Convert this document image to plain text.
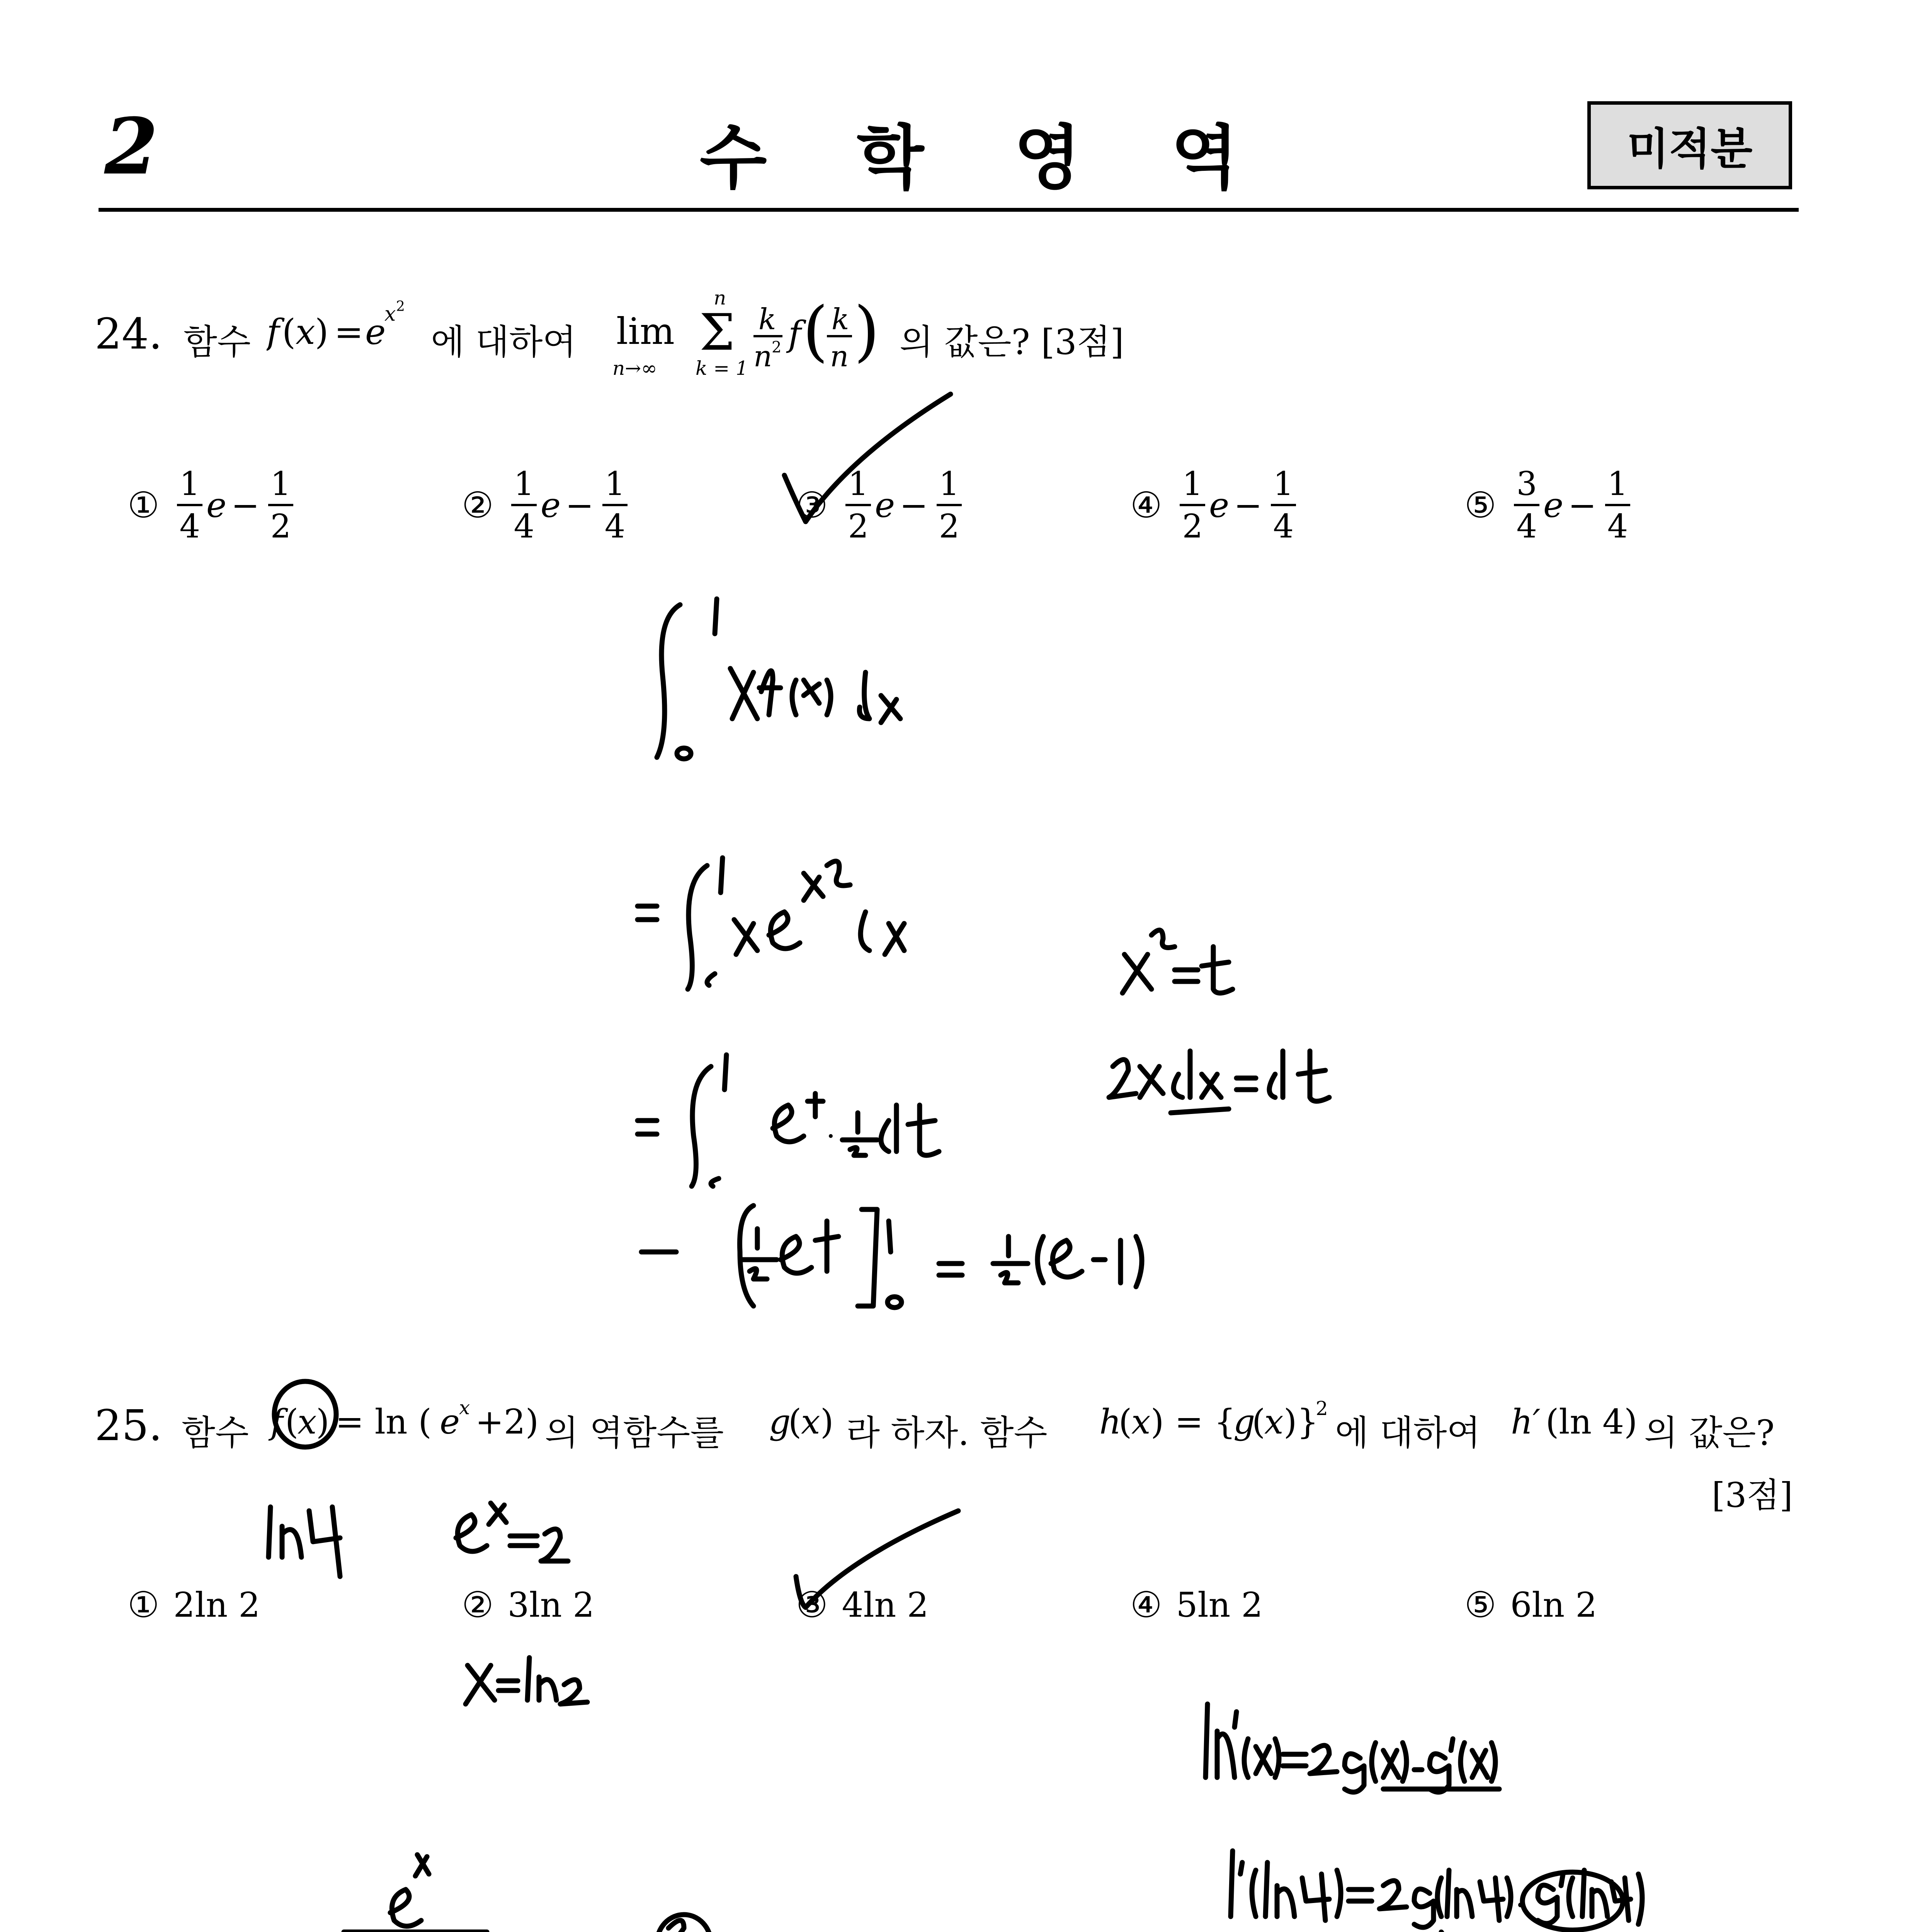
2	수 학 영 역	미적분
24. 함수 f ( x ) = e
x 2
에 대하여 lim
n→∞
Σ
n
k = 1
k
n
2 f ( k
n ) 의 값은? [3점]
①
1
4
e −
1
2
②
1
4
e −
1
4
③
1
2
e −
1
2
④
1
2
e −
1
4
⑤
3
4
e −
1
4
25. 함수 f (
x
) = ln ( e
x +2) 의 역함수를 g
(
x ) 라 하자. 함수 h
(
x ) = {
g
(
x )}
2
에 대하여 h′ (ln 4) 의 값은?
[3점]
① 2ln 2	② 3ln 2	③ 4ln 2	④ 5ln 2	⑤ 6ln 2
